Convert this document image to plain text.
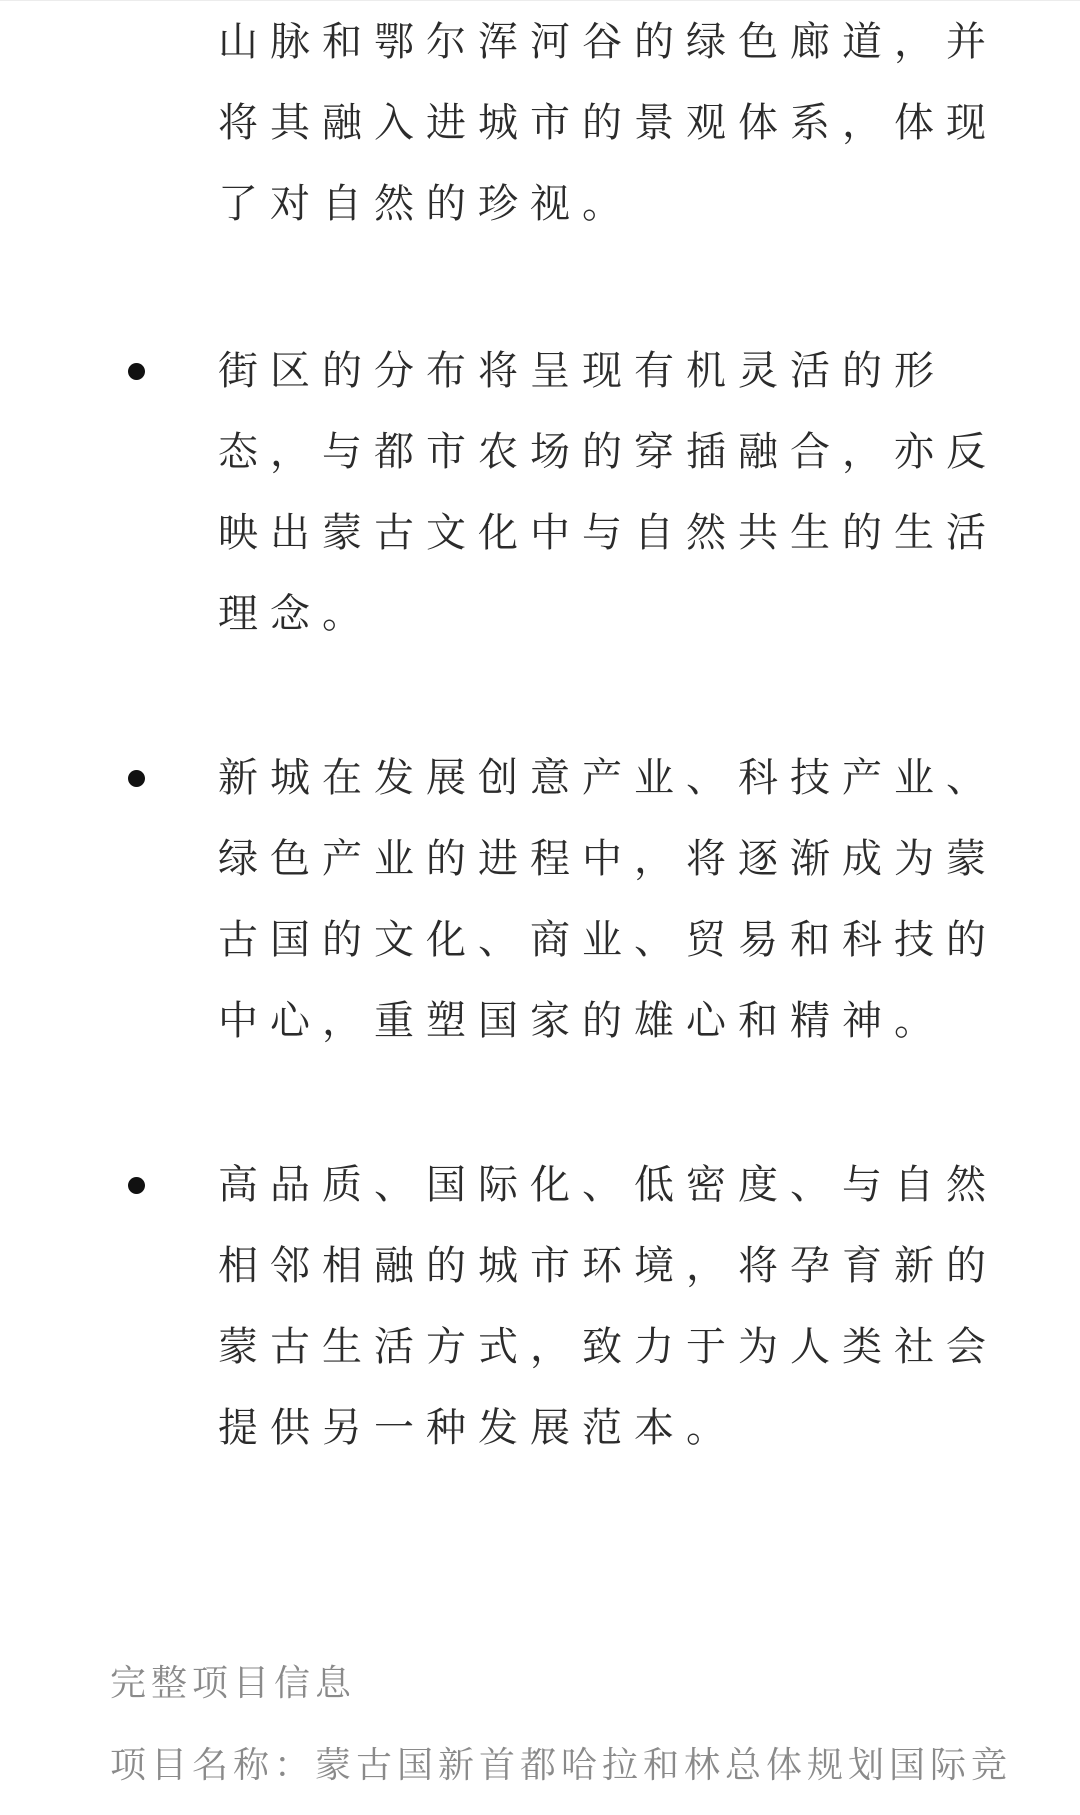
山脉和鄂尔浑河谷的绿色廊道，并
将其融入进城市的景观体系，体现
了对自然的珍视。
街区的分布将呈现有机灵活的形
态，与都市农场的穿插融合，亦反
映出蒙古文化中与自然共生的生活
理念。
新城在发展创意产业、科技产业、
绿色产业的进程中，将逐渐成为蒙
古国的文化、商业、贸易和科技的
中心，重塑国家的雄心和精神。
高品质、国际化、低密度、与自然
相邻相融的城市环境，将孕育新的
蒙古生活方式，致力于为人类社会
提供另一种发展范本。
完整项目信息
项目名称：蒙古国新首都哈拉和林总体规划国际竞
